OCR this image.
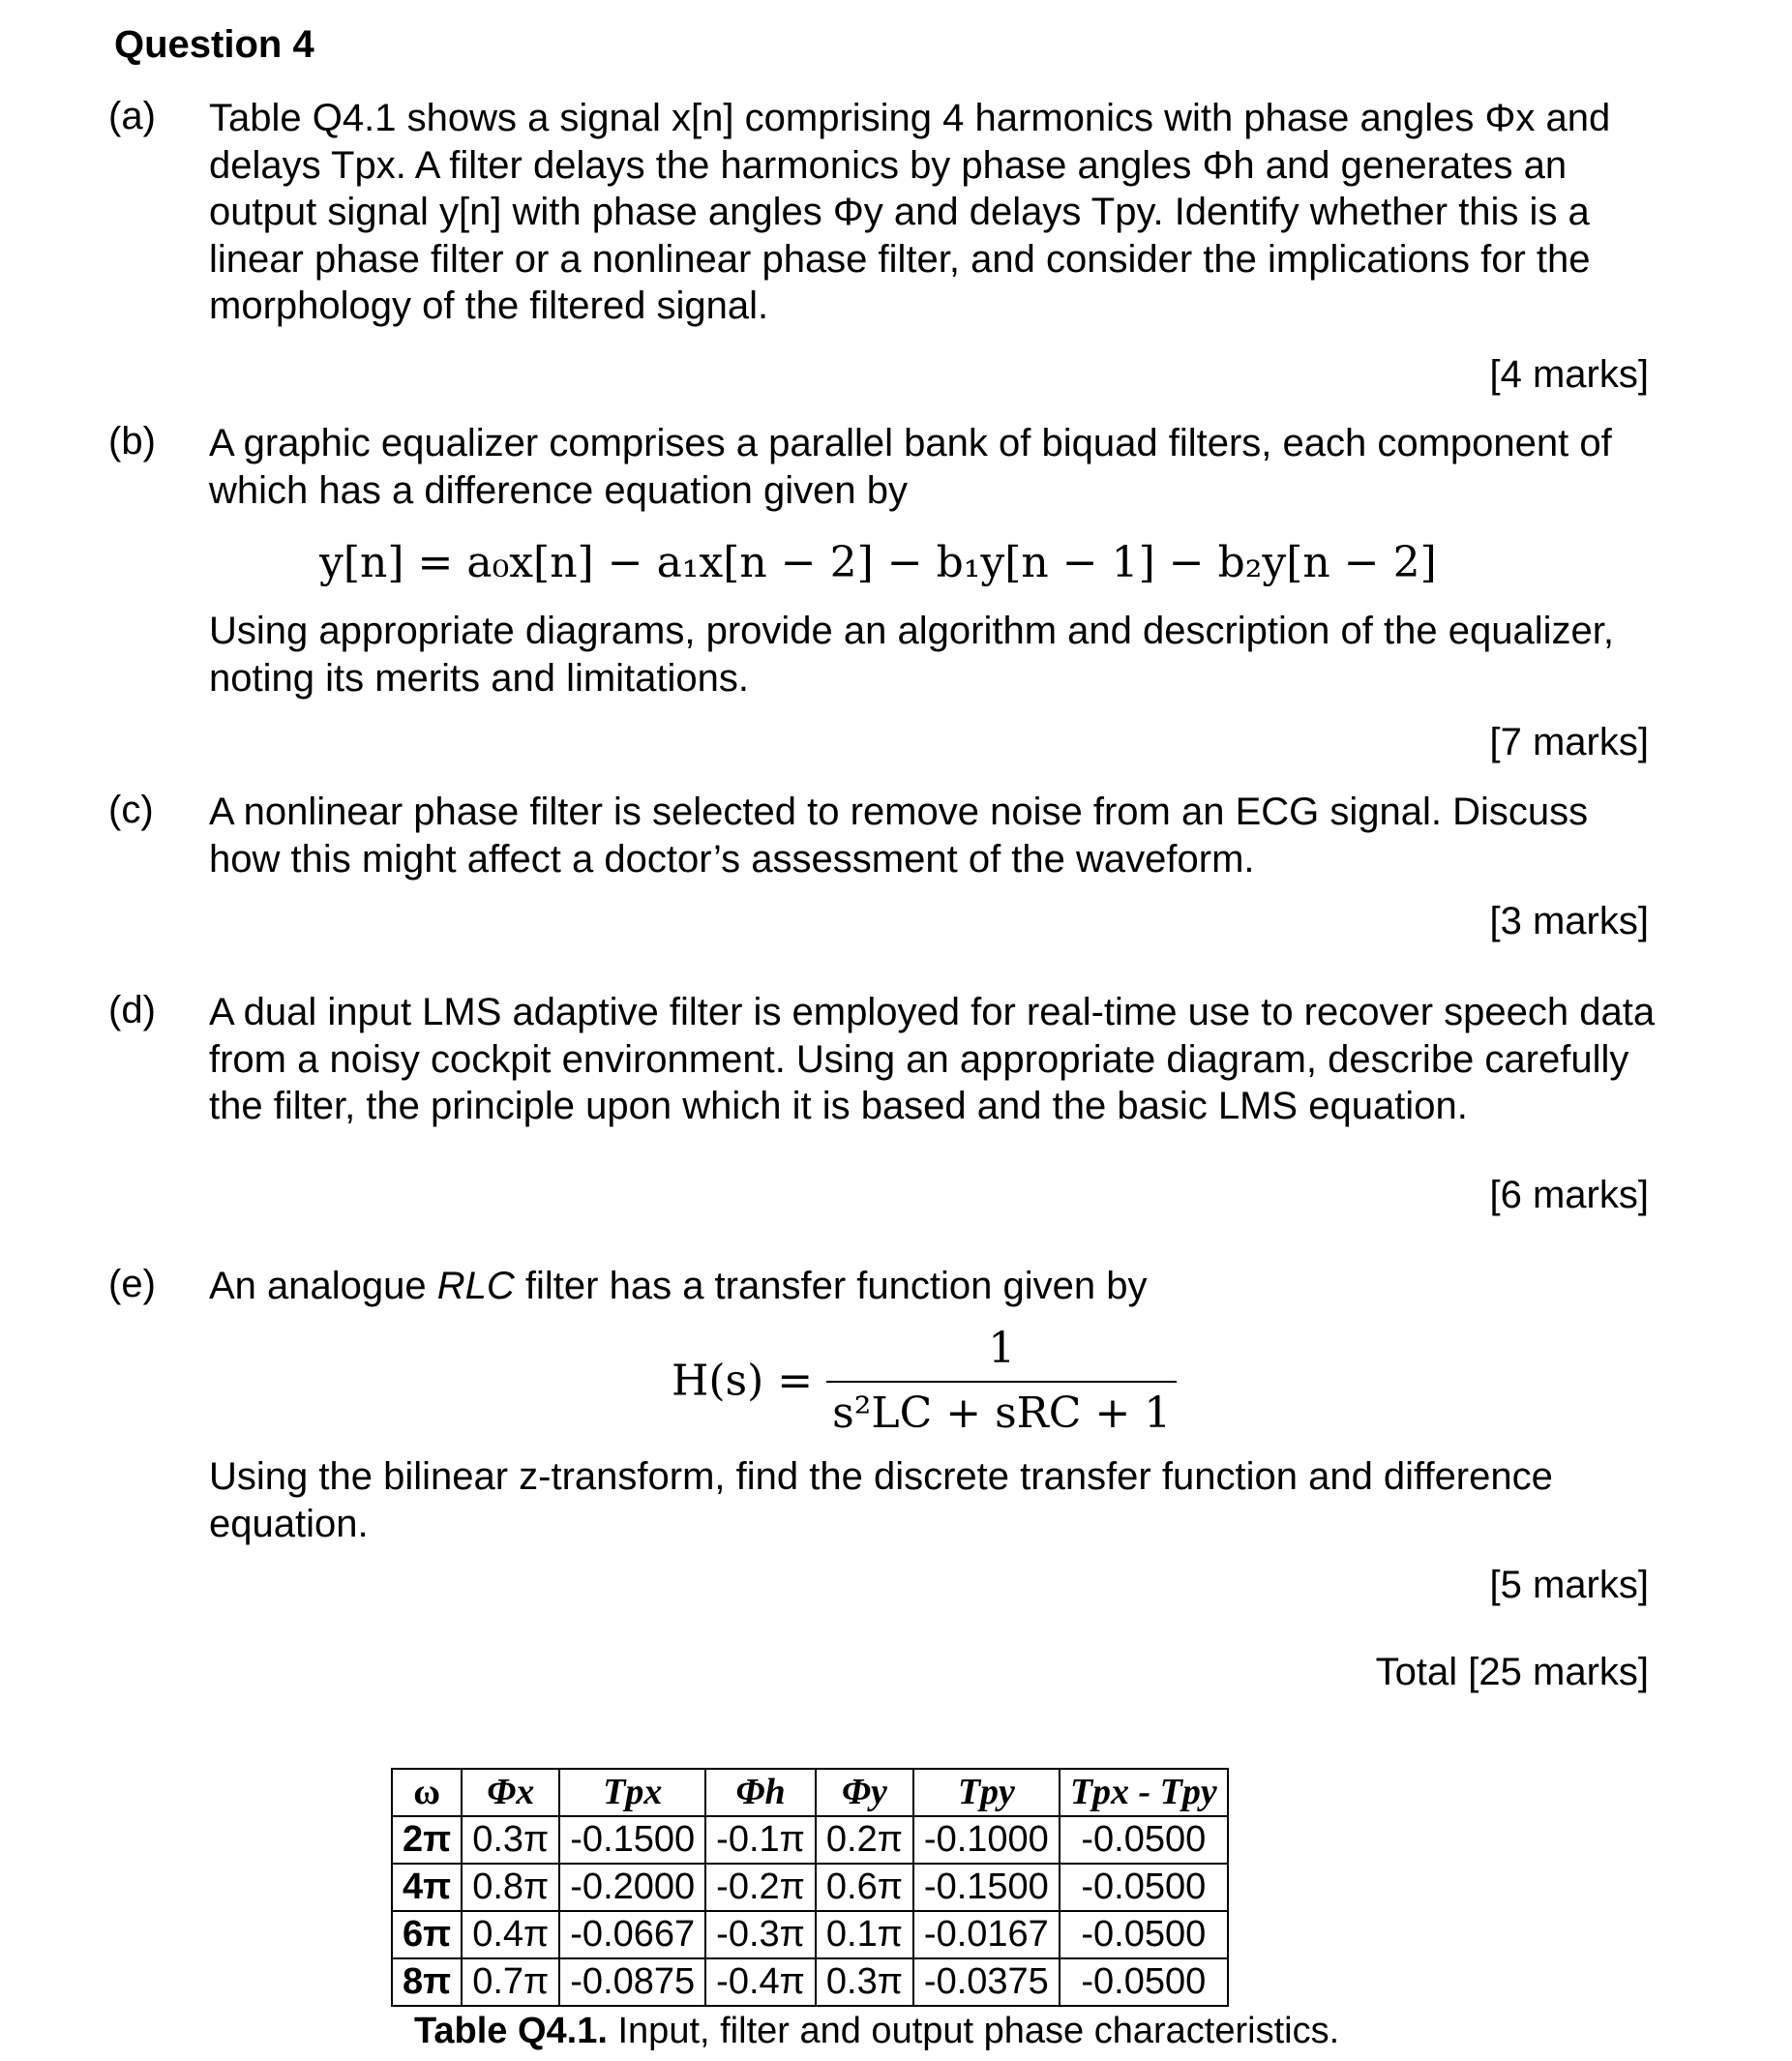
Question 4
(a) Table Q4.1 shows a signal x[n] comprising 4 harmonics with phase angles Φx and delays Tpx. A filter delays the harmonics by phase angles Φh and generates an output signal y[n] with phase angles Φy and delays Tpy. Identify whether this is a linear phase filter or a nonlinear phase filter, and consider the implications for the morphology of the filtered signal.
[4 marks]
(b) A graphic equalizer comprises a parallel bank of biquad filters, each component of which has a difference equation given by
y[n] = a₀x[n] − a₁x[n − 2] − b₁y[n − 1] − b₂y[n − 2]
Using appropriate diagrams, provide an algorithm and description of the equalizer, noting its merits and limitations.
[7 marks]
(c) A nonlinear phase filter is selected to remove noise from an ECG signal. Discuss how this might affect a doctor’s assessment of the waveform.
[3 marks]
(d) A dual input LMS adaptive filter is employed for real-time use to recover speech data from a noisy cockpit environment. Using an appropriate diagram, describe carefully the filter, the principle upon which it is based and the basic LMS equation.
[6 marks]
(e) An analogue RLC filter has a transfer function given by
$H(s) = \frac{1}{\text{s²LC + sRC + 1}}$
Using the bilinear z-transform, find the discrete transfer function and difference equation.
[5 marks]
Total [25 marks]
ω	Φx	Tpx	Φh	Φy	Tpy	Tpx - Tpy
2π	0.3π	-0.1500	-0.1π	0.2π	-0.1000	-0.0500
4π	0.8π	-0.2000	-0.2π	0.6π	-0.1500	-0.0500
6π	0.4π	-0.0667	-0.3π	0.1π	-0.0167	-0.0500
8π	0.7π	-0.0875	-0.4π	0.3π	-0.0375	-0.0500
Table Q4.1. Input, filter and output phase characteristics.
